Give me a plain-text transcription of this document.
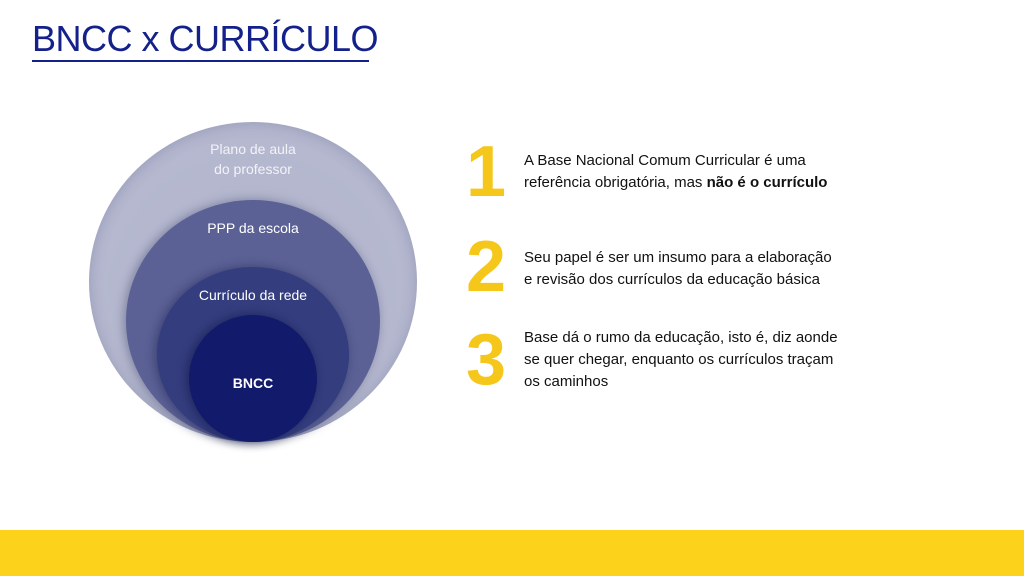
BNCC x CURRÍCULO
Plano de aula
do professor
PPP da escola
Currículo da rede
BNCC
1 A Base Nacional Comum Curricular é uma
referência obrigatória, mas não é o currículo
2 Seu papel é ser um insumo para a elaboração
e revisão dos currículos da educação básica
3 Base dá o rumo da educação, isto é, diz aonde
se quer chegar, enquanto os currículos traçam
os caminhos
